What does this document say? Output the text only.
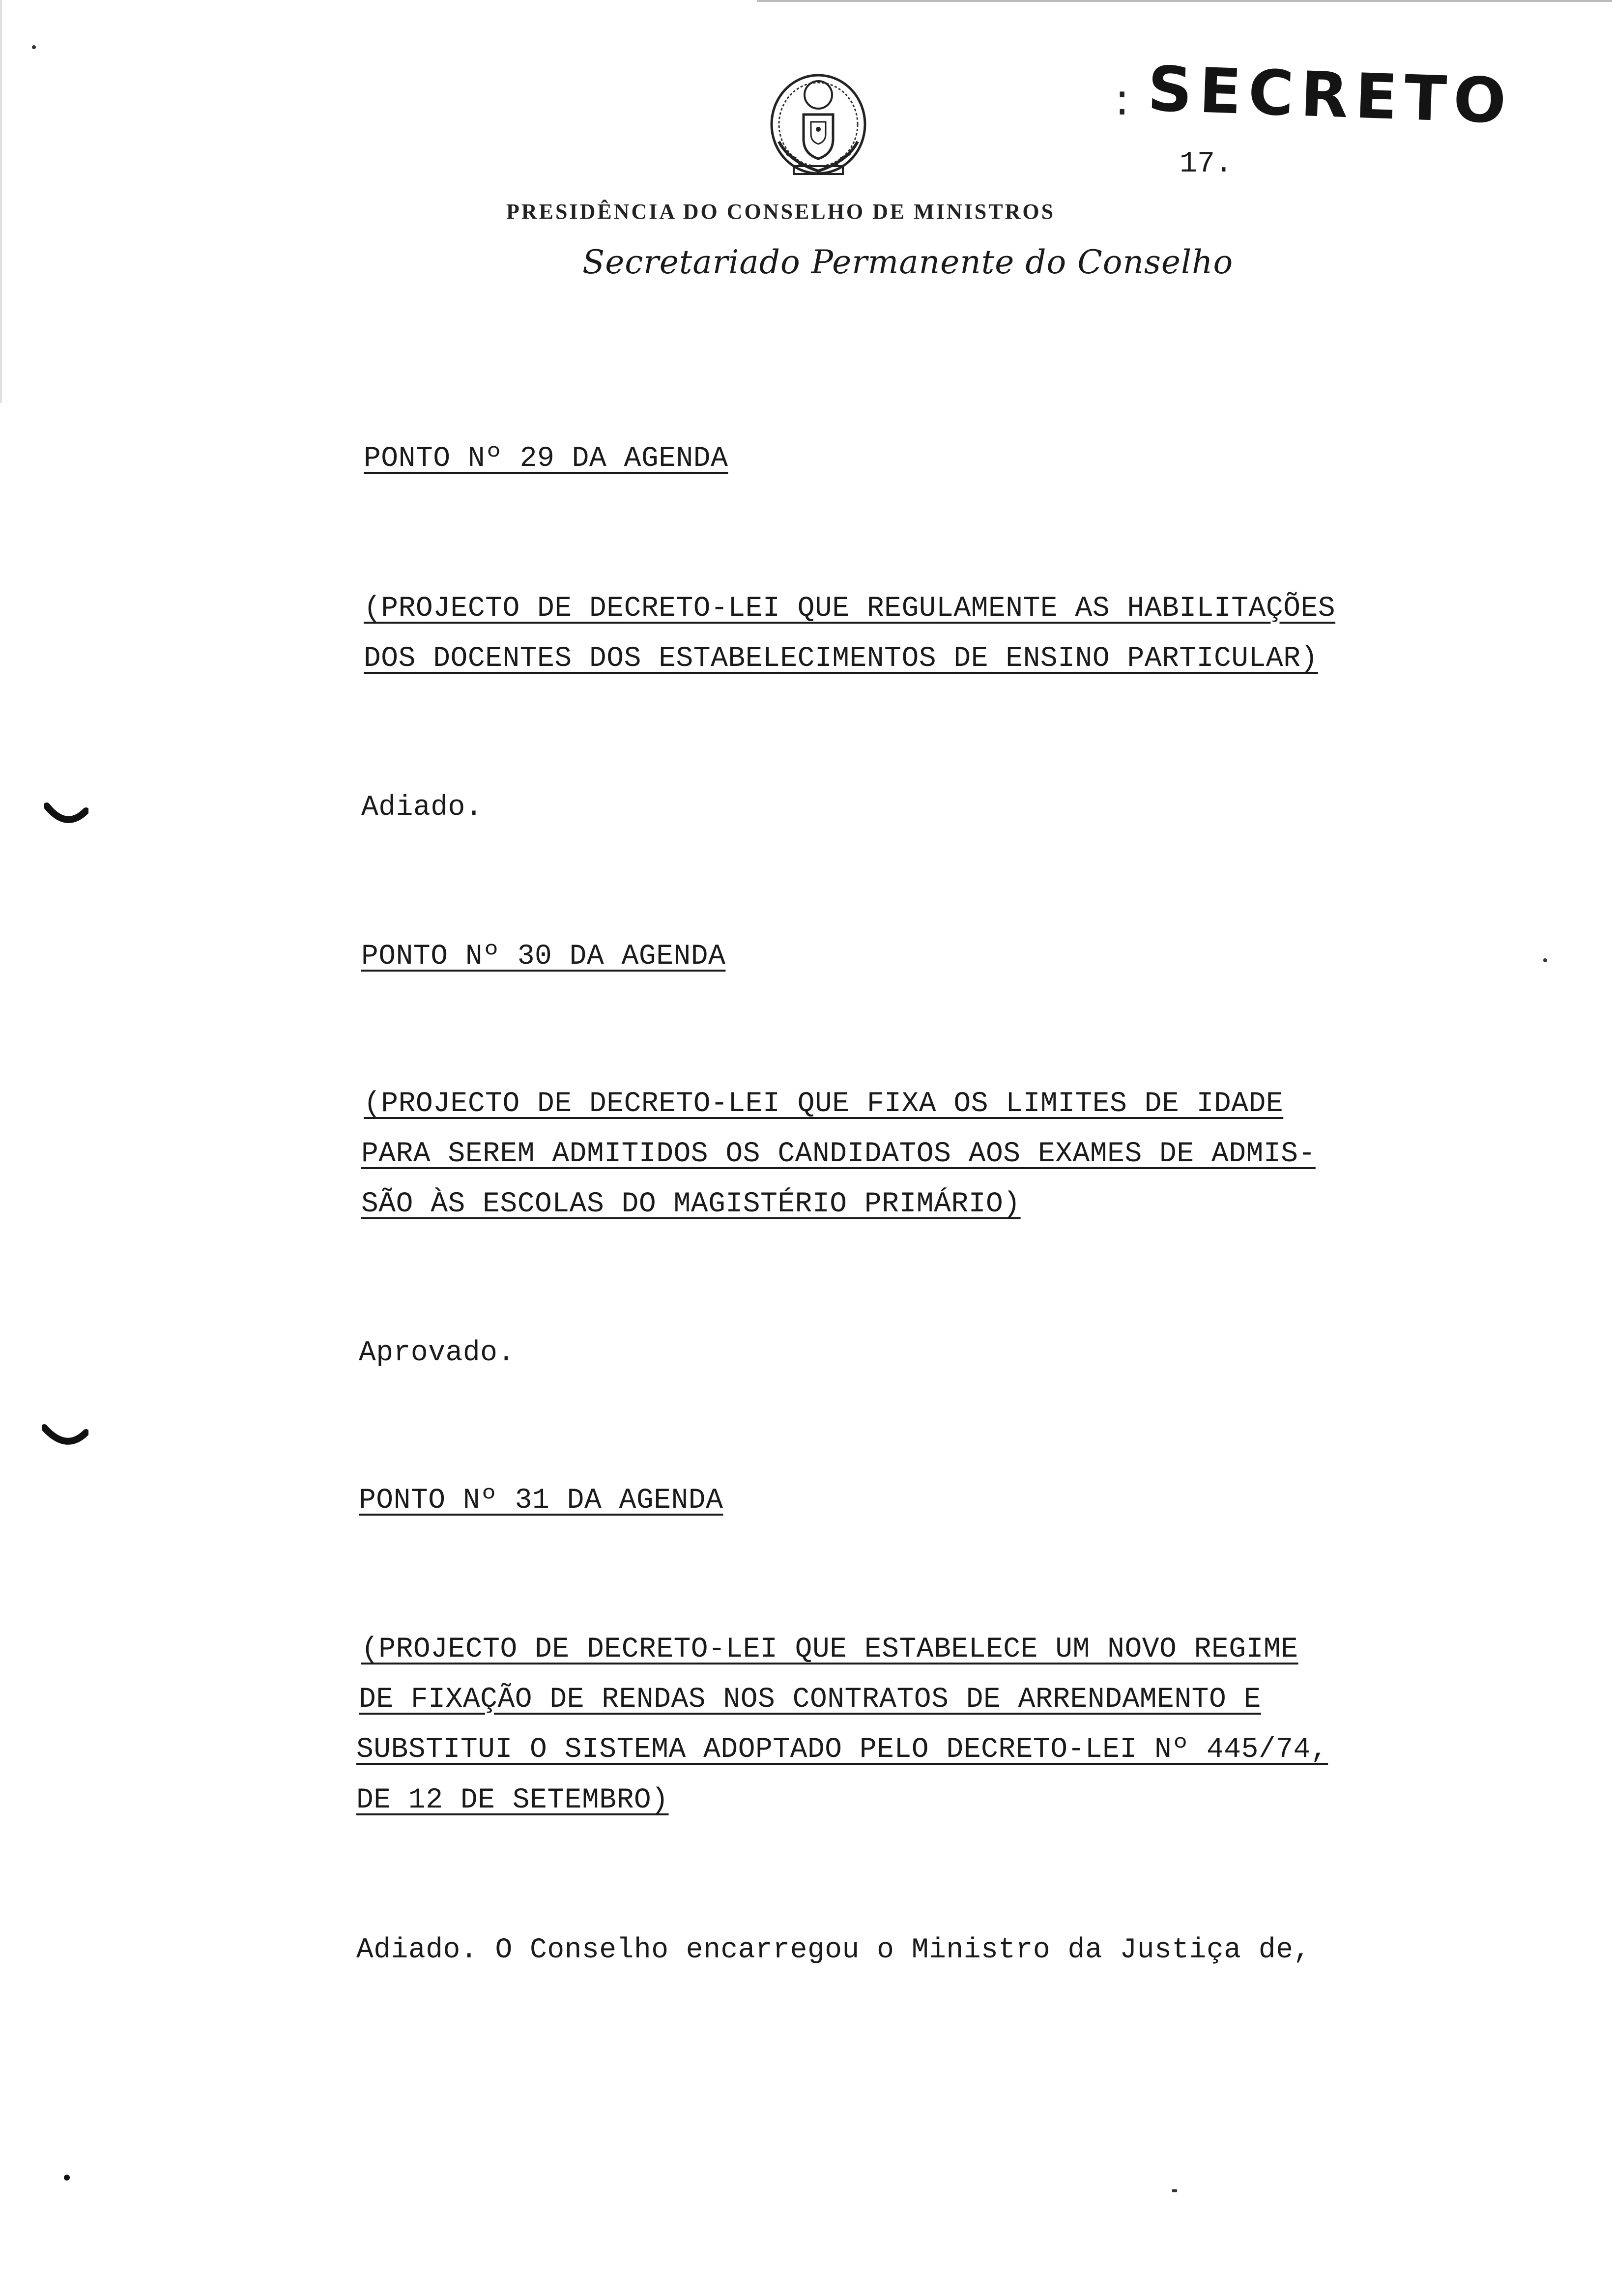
: SECRETO
17.
PRESIDÊNCIA DO CONSELHO DE MINISTROS
Secretariado Permanente do Conselho
PONTO Nº 29 DA AGENDA
(PROJECTO DE DECRETO-LEI QUE REGULAMENTE AS HABILITAÇÕES
DOS DOCENTES DOS ESTABELECIMENTOS DE ENSINO PARTICULAR)
Adiado.
PONTO Nº 30 DA AGENDA
(PROJECTO DE DECRETO-LEI QUE FIXA OS LIMITES DE IDADE
PARA SEREM ADMITIDOS OS CANDIDATOS AOS EXAMES DE ADMIS-
SÃO ÀS ESCOLAS DO MAGISTÉRIO PRIMÁRIO)
Aprovado.
PONTO Nº 31 DA AGENDA
(PROJECTO DE DECRETO-LEI QUE ESTABELECE UM NOVO REGIME
DE FIXAÇÃO DE RENDAS NOS CONTRATOS DE ARRENDAMENTO E
SUBSTITUI O SISTEMA ADOPTADO PELO DECRETO-LEI Nº 445/74,
DE 12 DE SETEMBRO)
Adiado. O Conselho encarregou o Ministro da Justiça de,
